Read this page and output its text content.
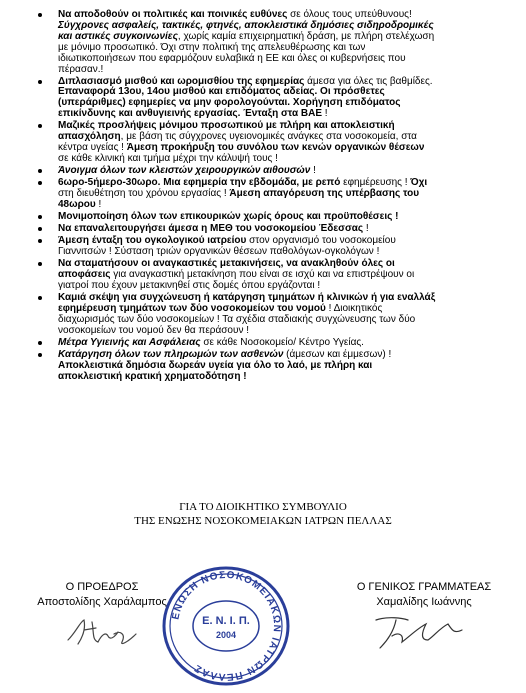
Να αποδοθούν οι πολιτικές και ποινικές ευθύνες σε όλους τους υπεύθυνους!
Σύγχρονες ασφαλείς, τακτικές, φτηνές, αποκλειστικά δημόσιες σιδηροδρομικές
και αστικές συγκοινωνίες, χωρίς καμία επιχειρηματική δράση, με πλήρη στελέχωση
με μόνιμο προσωπικό. Όχι στην πολιτική της απελευθέρωσης και των
ιδιωτικοποιήσεων που εφαρμόζουν ευλαβικά η ΕΕ και όλες οι κυβερνήσεις που
πέρασαν.!
Διπλασιασμό μισθού και ωρομισθίου της εφημερίας άμεσα για όλες τις βαθμίδες.
Επαναφορά 13ου, 14ου μισθού και επιδόματος αδείας. Οι πρόσθετες
(υπεράριθμες) εφημερίες να μην φορολογούνται. Χορήγηση επιδόματος
επικίνδυνης και ανθυγιεινής εργασίας. Ένταξη στα ΒΑΕ !
Μαζικές προσλήψεις μόνιμου προσωπικού με πλήρη και αποκλειστική
απασχόληση, με βάση τις σύγχρονες υγειονομικές ανάγκες στα νοσοκομεία, στα
κέντρα υγείας ! Άμεση προκήρυξη του συνόλου των κενών οργανικών θέσεων
σε κάθε κλινική και τμήμα μέχρι την κάλυψή τους !
Άνοιγμα όλων των κλειστών χειρουργικών αιθουσών !
6ωρο-5ήμερο-30ωρο. Μια εφημερία την εβδομάδα, με ρεπό εφημέρευσης ! Όχι
στη διευθέτηση του χρόνου εργασίας ! Άμεση απαγόρευση της υπέρβασης του
48ωρου !
Μονιμοποίηση όλων των επικουρικών χωρίς όρους και προϋποθέσεις !
Να επαναλειτουργήσει άμεσα η ΜΕΘ του νοσοκομείου Έδεσσας !
Άμεση ένταξη του ογκολογικού ιατρείου στον οργανισμό του νοσοκομείου
Γιαννιτσών ! Σύσταση τριών οργανικών θέσεων παθολόγων-ογκολόγων !
Να σταματήσουν οι αναγκαστικές μετακινήσεις, να ανακληθούν όλες οι
αποφάσεις για αναγκαστική μετακίνηση που είναι σε ισχύ και να επιστρέψουν οι
γιατροί που έχουν μετακινηθεί στις δομές όπου εργάζονται !
Καμιά σκέψη για συγχώνευση ή κατάργηση τμημάτων ή κλινικών ή για εναλλάξ
εφημέρευση τμημάτων των δύο νοσοκομείων του νομού ! Διοικητικός
διαχωρισμός των δύο νοσοκομείων ! Τα σχέδια σταδιακής συγχώνευσης των δύο
νοσοκομείων του νομού δεν θα περάσουν !
Μέτρα Υγιεινής και Ασφάλειας σε κάθε Νοσοκομείο/ Κέντρο Υγείας.
Κατάργηση όλων των πληρωμών των ασθενών (άμεσων και έμμεσων) !
Αποκλειστικά δημόσια δωρεάν υγεία για όλο το λαό, με πλήρη και
αποκλειστική κρατική χρηματοδότηση !
ΓΙΑ ΤΟ ΔΙΟΙΚΗΤΙΚΟ ΣΥΜΒΟΥΛΙΟ
ΤΗΣ ΕΝΩΣΗΣ ΝΟΣΟΚΟΜΕΙΑΚΩΝ ΙΑΤΡΩΝ ΠΕΛΛΑΣ
Ο ΠΡΟΕΔΡΟΣ
Αποστολίδης Χαράλαμπος
Ο ΓΕΝΙΚΟΣ ΓΡΑΜΜΑΤΕΑΣ
Χαμαλίδης Ιωάννης
ΕΝΩΣΗ ΝΟΣΟΚΟΜΕΙΑΚΩΝ ΙΑΤΡΩΝ ΠΕΛΛΑΣ
Ε. Ν. Ι. Π.
2004
